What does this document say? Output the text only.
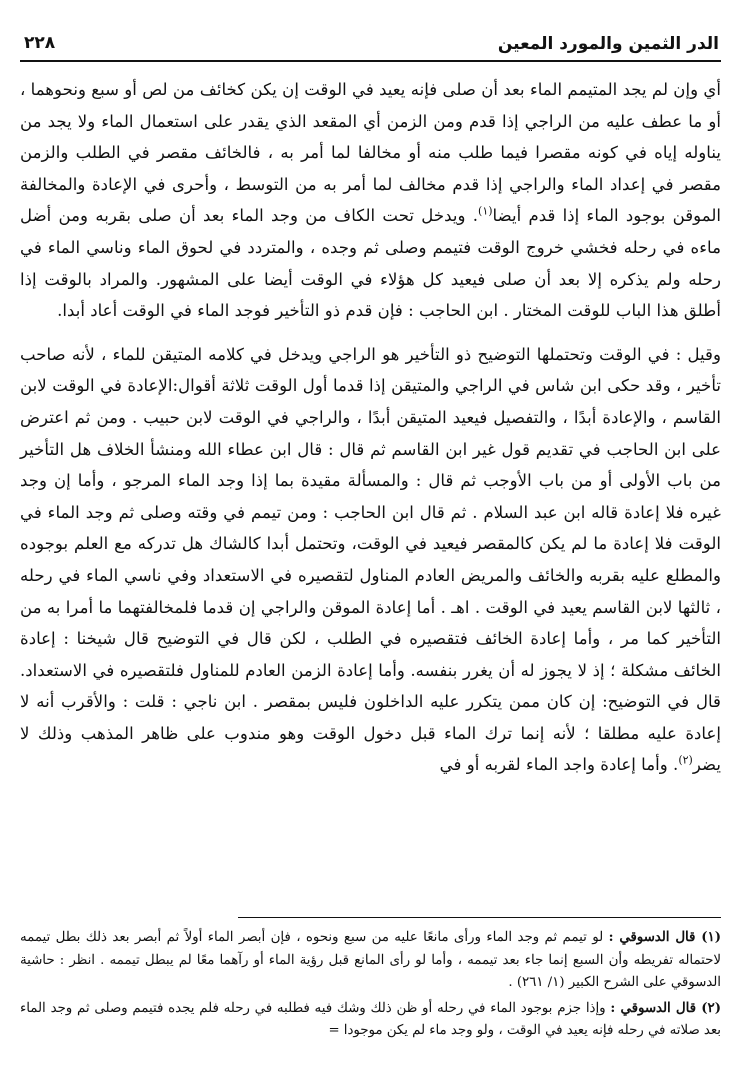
الدر الثمين والمورد المعين
٢٢٨

أي وإن لم يجد المتيمم الماء بعد أن صلى فإنه يعيد في الوقت إن يكن كخائف من لص أو سبع ونحوهما ، أو ما عطف عليه من الراجي إذا قدم ومن الزمن أي المقعد الذي يقدر على استعمال الماء ولا يجد من يناوله إياه في كونه مقصرا فيما طلب منه أو مخالفا لما أمر به ، فالخائف مقصر في الطلب والزمن مقصر في إعداد الماء والراجي إذا قدم مخالف لما أمر به من التوسط ، وأحرى في الإعادة والمخالفة الموقن بوجود الماء إذا قدم أيضا$^{(١)}$. ويدخل تحت الكاف من وجد الماء بعد أن صلى بقربه ومن أضل ماءه في رحله فخشي خروج الوقت فتيمم وصلى ثم وجده ، والمتردد في لحوق الماء وناسي الماء في رحله ولم يذكره إلا بعد أن صلى فيعيد كل هؤلاء في الوقت أيضا على المشهور. والمراد بالوقت إذا أطلق هذا الباب للوقت المختار . ابن الحاجب : فإن قدم ذو التأخير فوجد الماء في الوقت أعاد أبدا.

وقيل : في الوقت وتحتملها التوضيح ذو التأخير هو الراجي ويدخل في كلامه المتيقن للماء ، لأنه صاحب تأخير ، وقد حكى ابن شاس في الراجي والمتيقن إذا قدما أول الوقت ثلاثة أقوال:الإعادة في الوقت لابن القاسم ، والإعادة أبدًا ، والتفصيل فيعيد المتيقن أبدًا ، والراجي في الوقت لابن حبيب . ومن ثم اعترض على ابن الحاجب في تقديم قول غير ابن القاسم ثم قال : قال ابن عطاء الله ومنشأ الخلاف هل التأخير من باب الأولى أو من باب الأوجب ثم قال : والمسألة مقيدة بما إذا وجد الماء المرجو ، وأما إن وجد غيره فلا إعادة قاله ابن عبد السلام . ثم قال ابن الحاجب : ومن تيمم في وقته وصلى ثم وجد الماء في الوقت فلا إعادة ما لم يكن كالمقصر فيعيد في الوقت، وتحتمل أبدا كالشاك هل تدركه مع العلم بوجوده والمطلع عليه بقربه والخائف والمريض العادم المناول لتقصيره في الاستعداد وفي ناسي الماء في رحله ، ثالثها لابن القاسم يعيد في الوقت . اهـ . أما إعادة الموقن والراجي إن قدما فلمخالفتهما ما أمرا به من التأخير كما مر ، وأما إعادة الخائف فتقصيره في الطلب ، لكن قال في التوضيح قال شيخنا : إعادة الخائف مشكلة ؛ إذ لا يجوز له أن يغرر بنفسه. وأما إعادة الزمن العادم للمناول فلتقصيره في الاستعداد. قال في التوضيح: إن كان ممن يتكرر عليه الداخلون فليس بمقصر . ابن ناجي : قلت : والأقرب أنه لا إعادة عليه مطلقا ؛ لأنه إنما ترك الماء قبل دخول الوقت وهو مندوب على ظاهر المذهب وذلك لا يضر$^{(٢)}$. وأما إعادة واجد الماء لقربه أو في

(١) قال الدسوقي : لو تيمم ثم وجد الماء ورأى مانعًا عليه من سبع ونحوه ، فإن أبصر الماء أولاً ثم أبصر بعد ذلك بطل تيممه لاحتماله تفريطه وأن السبع إنما جاء بعد تيممه ، وأما لو رأى المانع قبل رؤية الماء أو رآهما معًا لم يبطل تيممه . انظر : حاشية الدسوقي على الشرح الكبير (١/ ٢٦١) .

(٢) قال الدسوقي : وإذا جزم بوجود الماء في رحله أو ظن ذلك وشك فيه فطلبه في رحله فلم يجده فتيمم وصلى ثم وجد الماء بعد صلاته في رحله فإنه يعيد في الوقت ، ولو وجد ماء لم يكن موجودا =
